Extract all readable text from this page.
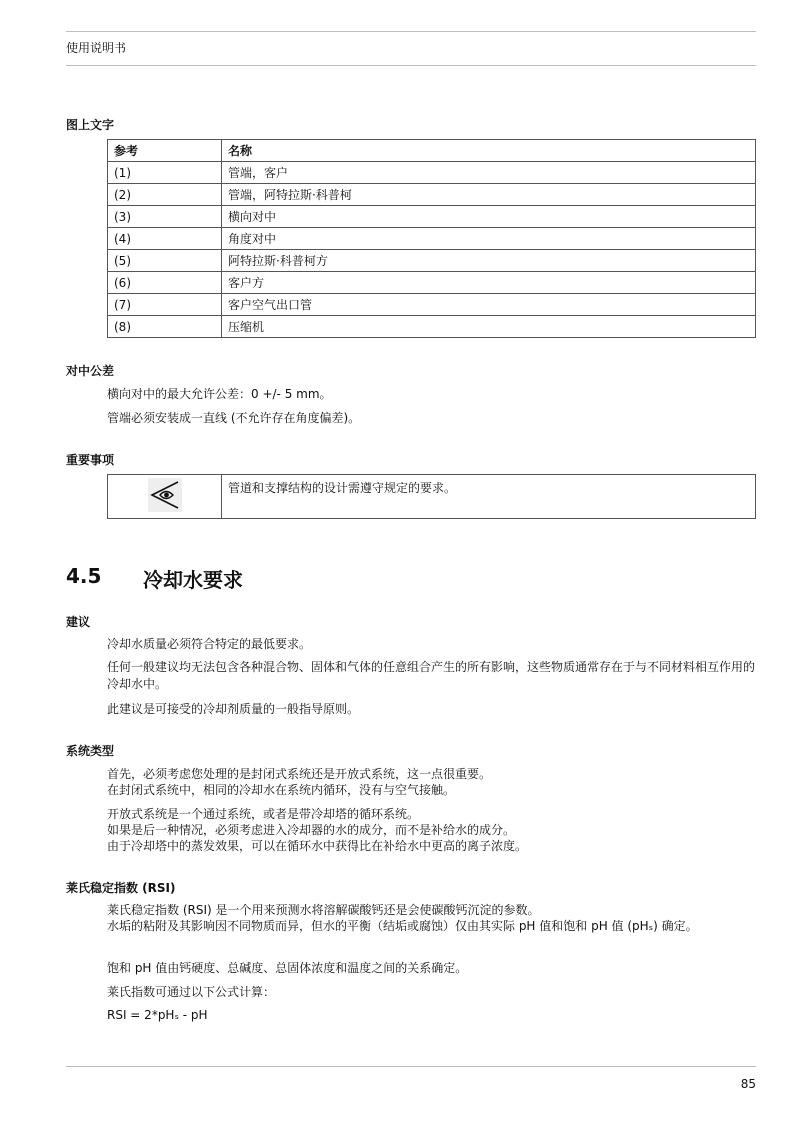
使用说明书
图上文字
参考	名称
(1)	管端，客户
(2)	管端，阿特拉斯·科普柯
(3)	横向对中
(4)	角度对中
(5)	阿特拉斯·科普柯方
(6)	客户方
(7)	客户空气出口管
(8)	压缩机
对中公差
横向对中的最大允许公差：0 +/- 5 mm。
管端必须安装成一直线 (不允许存在角度偏差)。
重要事项
	管道和支撑结构的设计需遵守规定的要求。
4.5 冷却水要求
建议
冷却水质量必须符合特定的最低要求。
任何一般建议均无法包含各种混合物、固体和气体的任意组合产生的所有影响，这些物质通常存在于与不同材料相互作用的冷却水中。
此建议是可接受的冷却剂质量的一般指导原则。
系统类型
首先，必须考虑您处理的是封闭式系统还是开放式系统，这一点很重要。
在封闭式系统中，相同的冷却水在系统内循环，没有与空气接触。
开放式系统是一个通过系统，或者是带冷却塔的循环系统。
如果是后一种情况，必须考虑进入冷却器的水的成分，而不是补给水的成分。
由于冷却塔中的蒸发效果，可以在循环水中获得比在补给水中更高的离子浓度。
莱氏稳定指数 (RSI)
莱氏稳定指数 (RSI) 是一个用来预测水将溶解碳酸钙还是会使碳酸钙沉淀的参数。
水垢的粘附及其影响因不同物质而异，但水的平衡（结垢或腐蚀）仅由其实际 pH 值和饱和 pH 值 (pHₛ) 确定。
饱和 pH 值由钙硬度、总碱度、总固体浓度和温度之间的关系确定。
莱氏指数可通过以下公式计算：
RSI = 2*pHₛ - pH
85
